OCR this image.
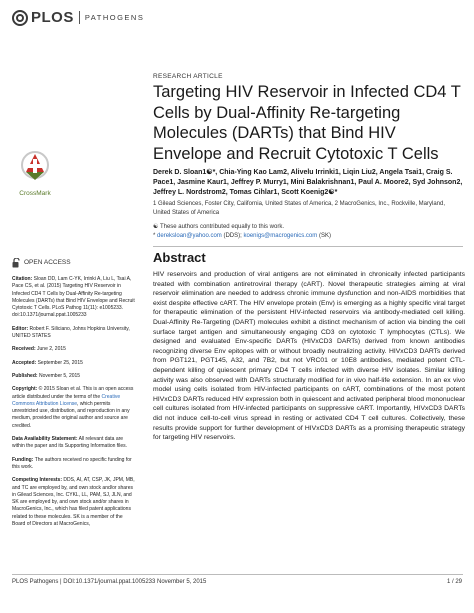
PLOS PATHOGENS
CrossMark
OPEN ACCESS

Citation: Sloan DD, Lam C-YK, Irrinki A, Liu L, Tsai A, Pace CS, et al. (2015) Targeting HIV Reservoir in Infected CD4 T Cells by Dual-Affinity Re-targeting Molecules (DARTs) that Bind HIV Envelope and Recruit Cytotoxic T Cells. PLoS Pathog 11(11): e1005233. doi:10.1371/journal.ppat.1005233

Editor: Robert F. Siliciano, Johns Hopkins University, UNITED STATES

Received: June 2, 2015

Accepted: September 25, 2015

Published: November 5, 2015

Copyright: © 2015 Sloan et al. This is an open access article distributed under the terms of the Creative Commons Attribution License, which permits unrestricted use, distribution, and reproduction in any medium, provided the original author and source are credited.

Data Availability Statement: All relevant data are within the paper and its Supporting Information files.

Funding: The authors received no specific funding for this work.

Competing Interests: DDS, AI, AT, CSP, JK, JPM, MB, and TC are employed by, and own stock and/or shares in Gilead Sciences, Inc. CYKL, LL, PAM, SJ, JLN, and SK are employed by, and own stock and/or shares in MacroGenics, Inc., which has filed patent applications related to these molecules. SK is a member of the Board of Directors at MacroGenics,

RESEARCH ARTICLE
Targeting HIV Reservoir in Infected CD4 T Cells by Dual-Affinity Re-targeting Molecules (DARTs) that Bind HIV Envelope and Recruit Cytotoxic T Cells
Derek D. Sloan1☯*, Chia-Ying Kao Lam2, Alivelu Irrinki1, Liqin Liu2, Angela Tsai1, Craig S. Pace1, Jasmine Kaur1, Jeffrey P. Murry1, Mini Balakrishnan1, Paul A. Moore2, Syd Johnson2, Jeffrey L. Nordstrom2, Tomas Cihlar1, Scott Koenig2☯*
1 Gilead Sciences, Foster City, California, United States of America, 2 MacroGenics, Inc., Rockville, Maryland, United States of America
☯ These authors contributed equally to this work.
* dereksloan@yahoo.com (DDS); koenigs@macrogenics.com (SK)
Abstract

HIV reservoirs and production of viral antigens are not eliminated in chronically infected participants treated with combination antiretroviral therapy (cART). Novel therapeutic strategies aiming at viral reservoir elimination are needed to address chronic immune dysfunction and non-AIDS morbidities that exist despite effective cART. The HIV envelope protein (Env) is emerging as a highly specific viral target for therapeutic elimination of the persistent HIV-infected reservoirs via antibody-mediated cell killing. Dual-Affinity Re-Targeting (DART) molecules exhibit a distinct mechanism of action via binding the cell surface target antigen and simultaneously engaging CD3 on cytotoxic T lymphocytes (CTLs). We designed and evaluated Env-specific DARTs (HIVxCD3 DARTs) derived from known antibodies recognizing diverse Env epitopes with or without broadly neutralizing activity. HIVxCD3 DARTs derived from PGT121, PGT145, A32, and 7B2, but not VRC01 or 10E8 antibodies, mediated potent CTL-dependent killing of quiescent primary CD4 T cells infected with diverse HIV isolates. Similar killing activity was also observed with DARTs structurally modified for in vivo half-life extension. In an ex vivo model using cells isolated from HIV-infected participants on cART, combinations of the most potent HIVxCD3 DARTs reduced HIV expression both in quiescent and activated peripheral blood mononuclear cell cultures isolated from HIV-infected participants on suppressive cART. Importantly, HIVxCD3 DARTs did not induce cell-to-cell virus spread in resting or activated CD4 T cell cultures. Collectively, these results provide support for further development of HIVxCD3 DARTs as a promising therapeutic strategy for targeting HIV reservoirs.

PLOS Pathogens | DOI:10.1371/journal.ppat.1005233 November 5, 2015	1 / 29
